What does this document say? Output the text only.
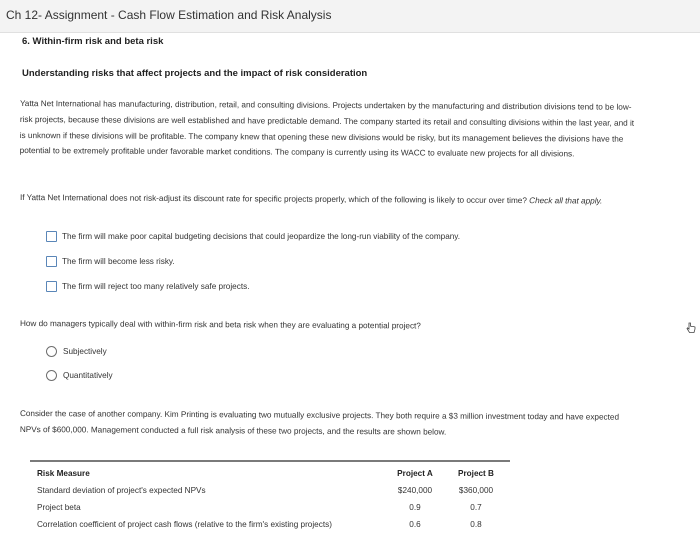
Ch 12- Assignment - Cash Flow Estimation and Risk Analysis
6. Within-firm risk and beta risk
Understanding risks that affect projects and the impact of risk consideration
Yatta Net International has manufacturing, distribution, retail, and consulting divisions. Projects undertaken by the manufacturing and distribution divisions tend to be low-risk projects, because these divisions are well established and have predictable demand. The company started its retail and consulting divisions within the last year, and it is unknown if these divisions will be profitable. The company knew that opening these new divisions would be risky, but its management believes the divisions have the potential to be extremely profitable under favorable market conditions. The company is currently using its WACC to evaluate new projects for all divisions.
If Yatta Net International does not risk-adjust its discount rate for specific projects properly, which of the following is likely to occur over time? Check all that apply.
The firm will make poor capital budgeting decisions that could jeopardize the long-run viability of the company.
The firm will become less risky.
The firm will reject too many relatively safe projects.
How do managers typically deal with within-firm risk and beta risk when they are evaluating a potential project?
Subjectively
Quantitatively
Consider the case of another company. Kim Printing is evaluating two mutually exclusive projects. They both require a $3 million investment today and have expected NPVs of $600,000. Management conducted a full risk analysis of these two projects, and the results are shown below.
Risk Measure	Project A	Project B
Standard deviation of project's expected NPVs	$240,000	$360,000
Project beta	0.9	0.7
Correlation coefficient of project cash flows (relative to the firm's existing projects)	0.6	0.8
